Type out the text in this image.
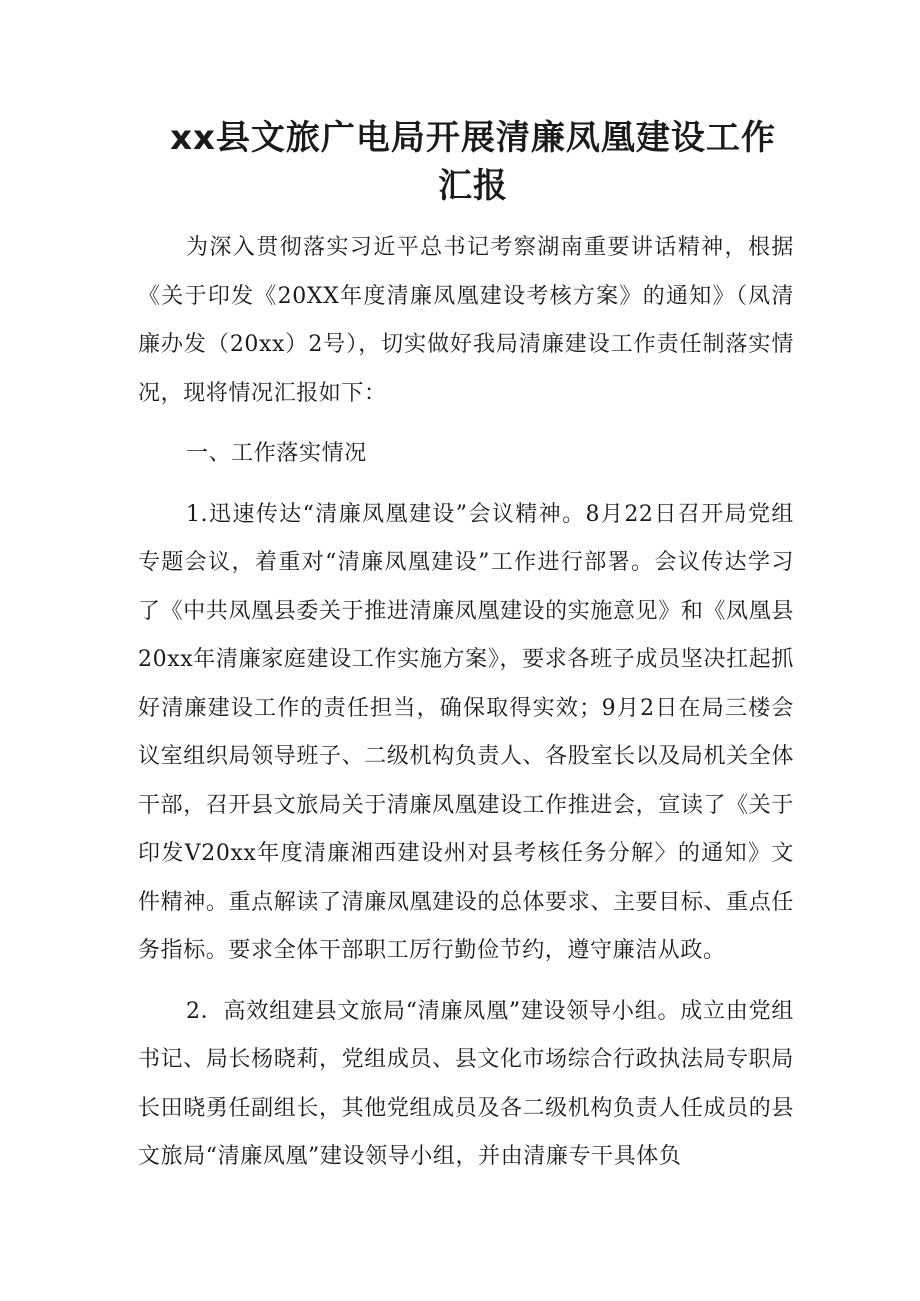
xx县文旅广电局开展清廉凤凰建设工作
汇报

为深入贯彻落实习近平总书记考察湖南重要讲话精神，根据《关于印发《20XX年度清廉凤凰建设考核方案》的通知》（凤清廉办发（20xx）2号），切实做好我局清廉建设工作责任制落实情况，现将情况汇报如下：

一、工作落实情况

1.迅速传达“清廉凤凰建设”会议精神。8月22日召开局党组专题会议，着重对“清廉凤凰建设”工作进行部署。会议传达学习了《中共凤凰县委关于推进清廉凤凰建设的实施意见》和《凤凰县20xx年清廉家庭建设工作实施方案》，要求各班子成员坚决扛起抓好清廉建设工作的责任担当，确保取得实效；9月2日在局三楼会议室组织局领导班子、二级机构负责人、各股室长以及局机关全体干部，召开县文旅局关于清廉凤凰建设工作推进会，宣读了《关于印发V20xx年度清廉湘西建设州对县考核任务分解〉的通知》文件精神。重点解读了清廉凤凰建设的总体要求、主要目标、重点任务指标。要求全体干部职工厉行勤俭节约，遵守廉洁从政。

2．高效组建县文旅局“清廉凤凰”建设领导小组。成立由党组书记、局长杨晓莉，党组成员、县文化市场综合行政执法局专职局长田晓勇任副组长，其他党组成员及各二级机构负责人任成员的县文旅局“清廉凤凰”建设领导小组，并由清廉专干具体负
